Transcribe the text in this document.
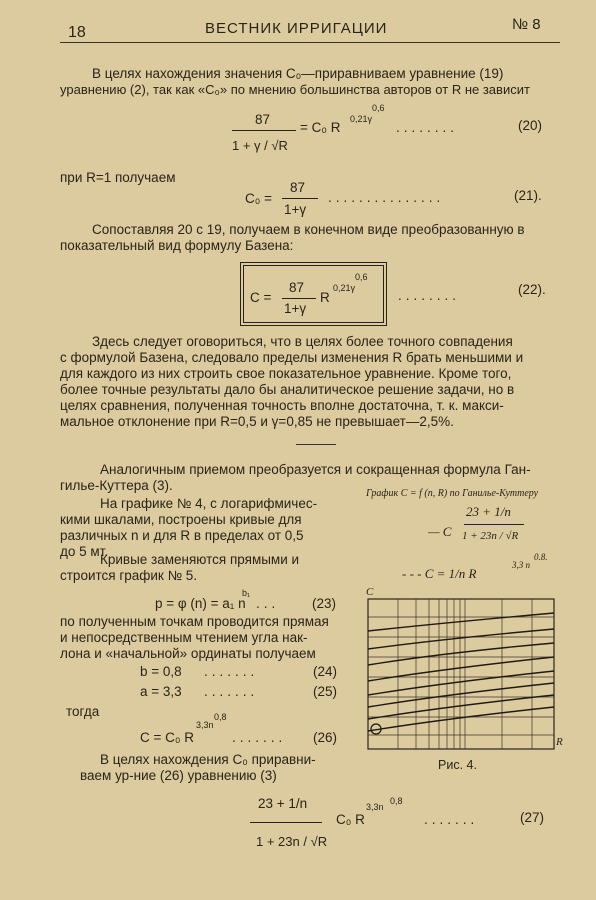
18	ВЕСТНИК ИРРИГАЦИИ	№ 8
В целях нахождения значения C₀—приравниваем уравнение (19)
уравнению (2), так как «C₀» по мнению большинства авторов от R не зависит
87
1 + γ / √R
= C₀ R
0,21γ
0,6
........	(20)
при R=1 получаем
C₀ =
87
1+γ
...............	(21).
Сопоставляя 20 с 19, получаем в конечном виде преобразованную в
показательный вид формулу Базена:
C =
87
1+γ
R
0,21γ
0,6
........	(22).
Здесь следует оговориться, что в целях более точного совпадения
с формулой Базена, следовало пределы изменения R брать меньшими и
для каждого из них строить свое показательное уравнение. Кроме того,
более точные результаты дало бы аналитическое решение задачи, но в
целях сравнения, полученная точность вполне достаточна, т. к. макси-
мальное отклонение при R=0,5 и γ=0,85 не превышает—2,5%.
Аналогичным приемом преобразуется и сокращенная формула Ган-
гилье-Куттера (3).
На графике № 4, с логарифмичес-
кими шкалами, построены кривые для
различных n и для R в пределах от 0,5
до 5 мт.
Кривые заменяются прямыми и
строится график № 5.
p = φ (n) = a₁ n
b₁
... (23)
по полученным точкам проводится прямая
и непосредственным чтением угла нак-
лона и «начальной» ординаты получаем
b = 0,8 .......	(24)
a = 3,3 .......	(25)
тогда
C = C₀ R
3,3n
0,8
....... (26)
В целях нахождения C₀ приравни-
ваем ур-ние (26) уравнению (3)
График C = f (n, R) по Ганилье-Куттеру
23 + 1/n
— C 1 + 23n / √R
- - - C = 1/n R
3,3 n
0.8.
C
R
Рис. 4.
23 + 1/n
1 + 23n / √R
C₀ R
3,3n
0,8
.......	(27)
